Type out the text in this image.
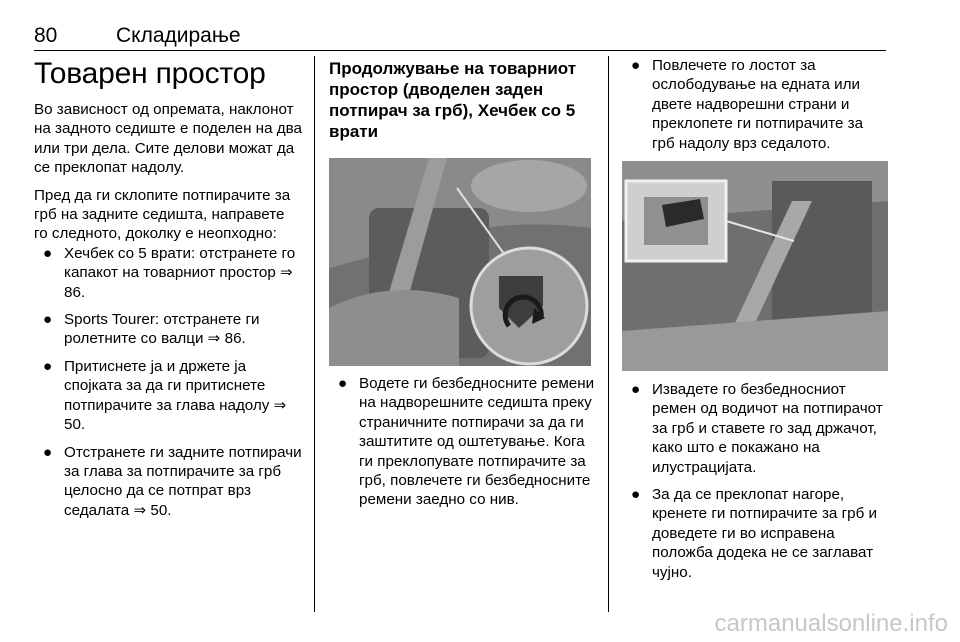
80	Складирање
Товарен простор

Во зависност од опремата, наклонот на задното седиште е поделен на два или три дела. Сите делови можат да се преклопат надолу.

Пред да ги склопите потпирачите за грб на задните седишта, направете го следното, доколку е неопходно:

● Хечбек со 5 врати: отстранете го капакот на товарниот простор ⇒ 86.
● Sports Tourer: отстранете ги ролетните со валци ⇒ 86.
● Притиснете ја и држете ја спојката за да ги притиснете потпирачите за глава надолу ⇒ 50.
● Отстранете ги задните потпирачи за глава за потпирачите за грб целосно да се потпрат врз седалата ⇒ 50.
Продолжување на товарниот простор (дводелен заден потпирач за грб), Хечбек со 5 врати
● Водете ги безбедносните ремени на надворешните седишта преку страничните потпирачи за да ги заштитите од оштетување. Кога ги преклопувате потпирачите за грб, повлечете ги безбедносните ремени заедно со нив.
● Повлечете го лостот за ослободување на едната или двете надворешни страни и преклопете ги потпирачите за грб надолу врз седалото.
● Извадете го безбедносниот ремен од водичот на потпирачот за грб и ставете го зад држачот, како што е покажано на илустрацијата.
● За да се преклопат нагоре, кренете ги потпирачите за грб и доведете ги во исправена положба додека не се заглават чујно.
carmanualsonline.info
